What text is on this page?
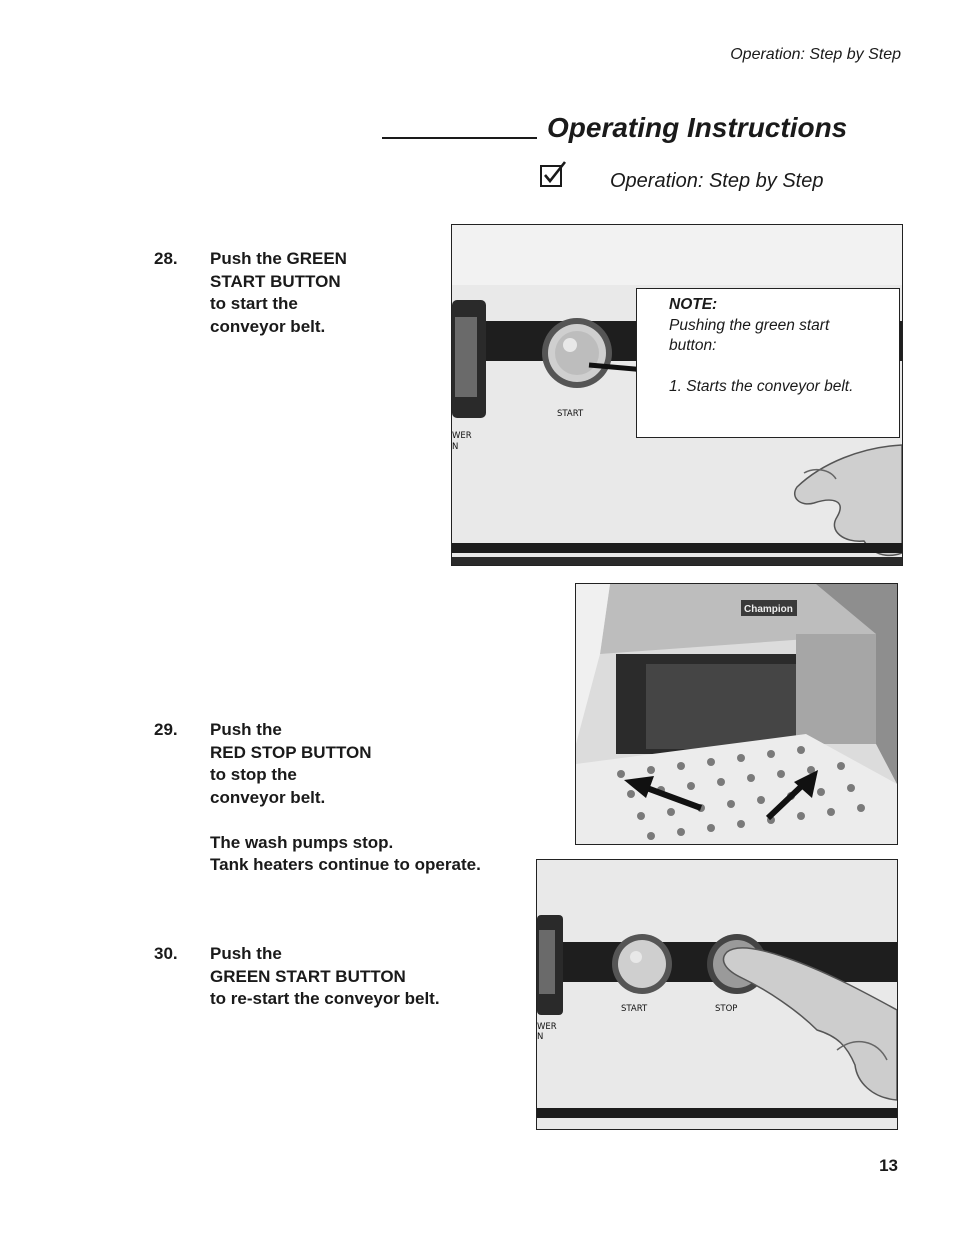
Operation: Step by Step
Operating Instructions
Operation: Step by Step
28.	Push the GREEN
START BUTTON
to start the
conveyor belt.
29.	Push the
RED STOP BUTTON
to stop the
conveyor belt.
The wash pumps stop.
Tank heaters continue to operate.
30.	Push the
GREEN START BUTTON
to re-start the conveyor belt.
START
WER
N
NOTE:
Pushing the green start
button:
1. Starts the conveyor belt.
Champion
START	STOP
WER
N
13
